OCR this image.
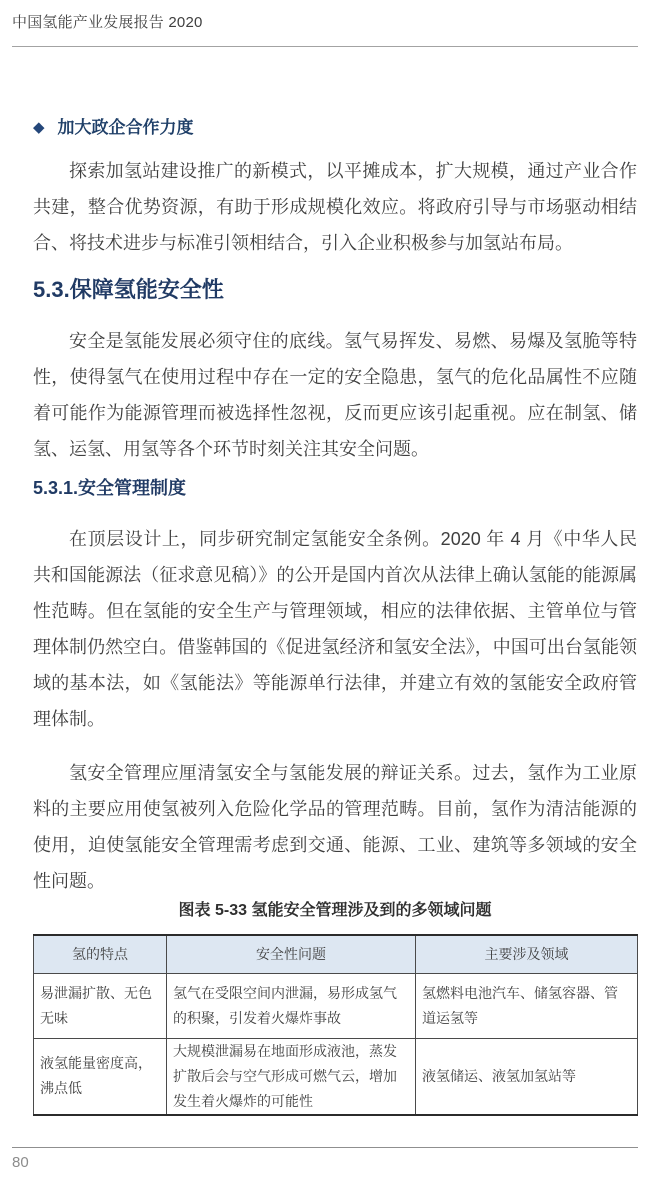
中国氢能产业发展报告 2020
◆ 加大政企合作力度

探索加氢站建设推广的新模式，以平摊成本，扩大规模，通过产业合作共建，整合优势资源，有助于形成规模化效应。将政府引导与市场驱动相结合、将技术进步与标准引领相结合，引入企业积极参与加氢站布局。

5.3.保障氢能安全性

安全是氢能发展必须守住的底线。氢气易挥发、易燃、易爆及氢脆等特性，使得氢气在使用过程中存在一定的安全隐患，氢气的危化品属性不应随着可能作为能源管理而被选择性忽视，反而更应该引起重视。应在制氢、储氢、运氢、用氢等各个环节时刻关注其安全问题。

5.3.1.安全管理制度

在顶层设计上，同步研究制定氢能安全条例。2020 年 4 月《中华人民共和国能源法（征求意见稿）》的公开是国内首次从法律上确认氢能的能源属性范畴。但在氢能的安全生产与管理领域，相应的法律依据、主管单位与管理体制仍然空白。借鉴韩国的《促进氢经济和氢安全法》，中国可出台氢能领域的基本法，如《氢能法》等能源单行法律，并建立有效的氢能安全政府管理体制。

氢安全管理应厘清氢安全与氢能发展的辩证关系。过去，氢作为工业原料的主要应用使氢被列入危险化学品的管理范畴。目前，氢作为清洁能源的使用，迫使氢能安全管理需考虑到交通、能源、工业、建筑等多领域的安全性问题。

图表 5-33 氢能安全管理涉及到的多领域问题
氢的特点	安全性问题	主要涉及领域
易泄漏扩散、无色无味	氢气在受限空间内泄漏，易形成氢气的积聚，引发着火爆炸事故	氢燃料电池汽车、储氢容器、管道运氢等
液氢能量密度高，沸点低	大规模泄漏易在地面形成液池，蒸发扩散后会与空气形成可燃气云，增加发生着火爆炸的可能性	液氢储运、液氢加氢站等
80
